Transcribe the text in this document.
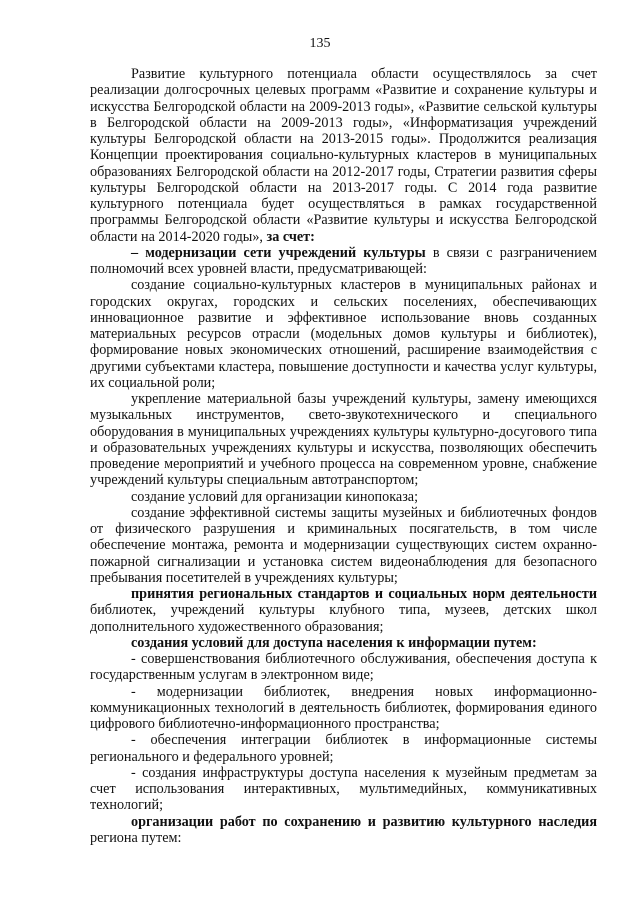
135

Развитие культурного потенциала области осуществлялось за счет реализации долгосрочных целевых программ «Развитие и сохранение культуры и искусства Белгородской области на 2009-2013 годы», «Развитие сельской культуры в Белгородской области на 2009-2013 годы», «Информатизация учреждений культуры Белгородской области на 2013-2015 годы». Продолжится реализация Концепции проектирования социально-культурных кластеров в муниципальных образованиях Белгородской области на 2012-2017 годы, Стратегии развития сферы культуры Белгородской области на 2013-2017 годы. С 2014 года развитие культурного потенциала будет осуществляться в рамках государственной программы Белгородской области «Развитие культуры и искусства Белгородской области на 2014-2020 годы», за счет:

– модернизации сети учреждений культуры в связи с разграничением полномочий всех уровней власти, предусматривающей:

создание социально-культурных кластеров в муниципальных районах и городских округах, городских и сельских поселениях, обеспечивающих инновационное развитие и эффективное использование вновь созданных материальных ресурсов отрасли (модельных домов культуры и библиотек), формирование новых экономических отношений, расширение взаимодействия с другими субъектами кластера, повышение доступности и качества услуг культуры, их социальной роли;

укрепление материальной базы учреждений культуры, замену имеющихся музыкальных инструментов, свето-звукотехнического и специального оборудования в муниципальных учреждениях культуры культурно-досугового типа и образовательных учреждениях культуры и искусства, позволяющих обеспечить проведение мероприятий и учебного процесса на современном уровне, снабжение учреждений культуры специальным автотранспортом;

создание условий для организации кинопоказа;

создание эффективной системы защиты музейных и библиотечных фондов от физического разрушения и криминальных посягательств, в том числе обеспечение монтажа, ремонта и модернизации существующих систем охранно-пожарной сигнализации и установка систем видеонаблюдения для безопасного пребывания посетителей в учреждениях культуры;

принятия региональных стандартов и социальных норм деятельности библиотек, учреждений культуры клубного типа, музеев, детских школ дополнительного художественного образования;

создания условий для доступа населения к информации путем:

- совершенствования библиотечного обслуживания, обеспечения доступа к государственным услугам в электронном виде;

- модернизации библиотек, внедрения новых информационно-коммуникационных технологий в деятельность библиотек, формирования единого цифрового библиотечно-информационного пространства;

- обеспечения интеграции библиотек в информационные системы регионального и федерального уровней;

- создания инфраструктуры доступа населения к музейным предметам за счет использования интерактивных, мультимедийных, коммуникативных технологий;

организации работ по сохранению и развитию культурного наследия региона путем:
